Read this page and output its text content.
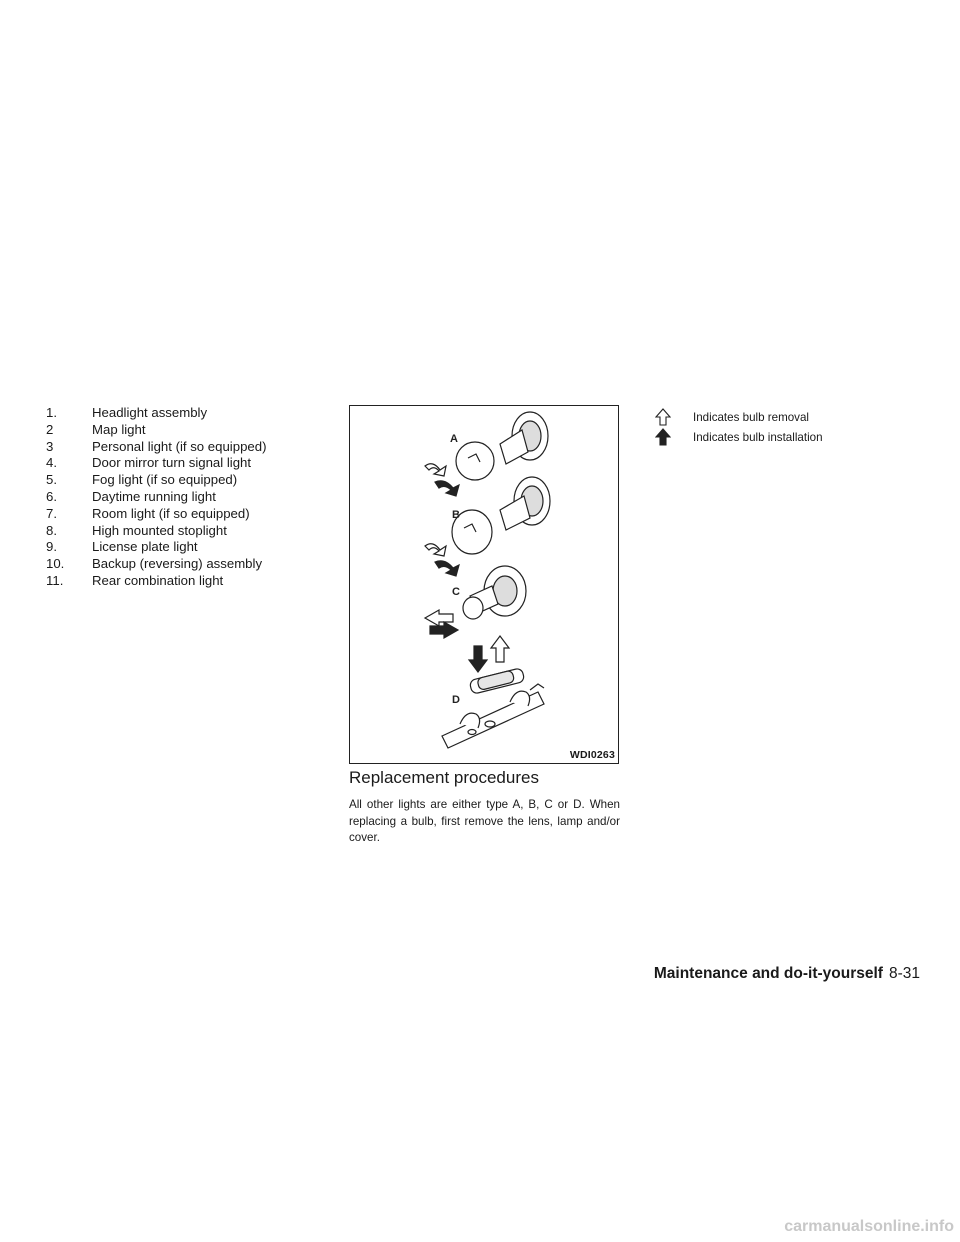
1.	Headlight assembly
2	Map light
3	Personal light (if so equipped)
4.	Door mirror turn signal light
5.	Fog light (if so equipped)
6.	Daytime running light
7.	Room light (if so equipped)
8.	High mounted stoplight
9.	License plate light
10.	Backup (reversing) assembly
11.	Rear combination light
A
B
C
D
WDI0263
Replacement procedures

All other lights are either type A, B, C or D. When replacing a bulb, first remove the lens, lamp and/or cover.

Indicates bulb removal
Indicates bulb installation
Maintenance and do-it-yourself 8-31
carmanualsonline.info
